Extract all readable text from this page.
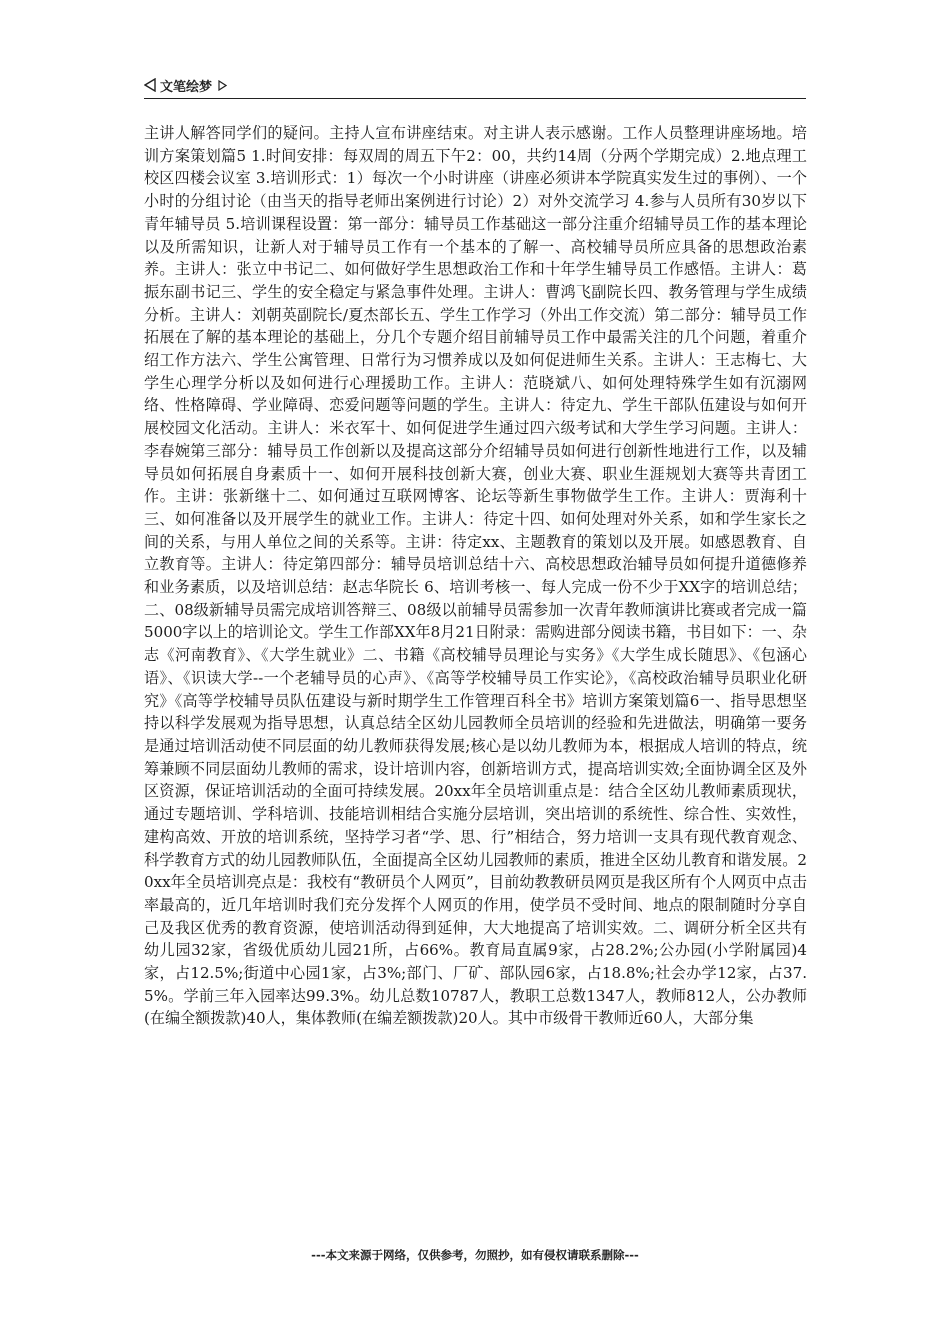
文笔绘梦

主讲人解答同学们的疑问。主持人宣布讲座结束。对主讲人表示感谢。工作人员整理讲座场地。培训方案策划篇5 1.时间安排：每双周的周五下午2：00，共约14周（分两个学期完成）2.地点理工校区四楼会议室 3.培训形式：1）每次一个小时讲座（讲座必须讲本学院真实发生过的事例）、一个小时的分组讨论（由当天的指导老师出案例进行讨论）2）对外交流学习 4.参与人员所有30岁以下青年辅导员 5.培训课程设置：第一部分：辅导员工作基础这一部分注重介绍辅导员工作的基本理论以及所需知识，让新人对于辅导员工作有一个基本的了解一、高校辅导员所应具备的思想政治素养。主讲人：张立中书记二、如何做好学生思想政治工作和十年学生辅导员工作感悟。主讲人：葛振东副书记三、学生的安全稳定与紧急事件处理。主讲人：曹鸿飞副院长四、教务管理与学生成绩分析。主讲人：刘朝英副院长/夏杰部长五、学生工作学习（外出工作交流）第二部分：辅导员工作拓展在了解的基本理论的基础上，分几个专题介绍目前辅导员工作中最需关注的几个问题，着重介绍工作方法六、学生公寓管理、日常行为习惯养成以及如何促进师生关系。主讲人：王志梅七、大学生心理学分析以及如何进行心理援助工作。主讲人：范晓斌八、如何处理特殊学生如有沉溺网络、性格障碍、学业障碍、恋爱问题等问题的学生。主讲人：待定九、学生干部队伍建设与如何开展校园文化活动。主讲人：米衣军十、如何促进学生通过四六级考试和大学生学习问题。主讲人：李春婉第三部分：辅导员工作创新以及提高这部分介绍辅导员如何进行创新性地进行工作，以及辅导员如何拓展自身素质十一、如何开展科技创新大赛，创业大赛、职业生涯规划大赛等共青团工作。主讲：张新继十二、如何通过互联网博客、论坛等新生事物做学生工作。主讲人：贾海利十三、如何准备以及开展学生的就业工作。主讲人：待定十四、如何处理对外关系，如和学生家长之间的关系，与用人单位之间的关系等。主讲：待定xx、主题教育的策划以及开展。如感恩教育、自立教育等。主讲人：待定第四部分：辅导员培训总结十六、高校思想政治辅导员如何提升道德修养和业务素质，以及培训总结：赵志华院长 6、培训考核一、每人完成一份不少于XX字的培训总结；二、08级新辅导员需完成培训答辩三、08级以前辅导员需参加一次青年教师演讲比赛或者完成一篇5000字以上的培训论文。学生工作部XX年8月21日附录：需购进部分阅读书籍，书目如下：一、杂志《河南教育》、《大学生就业》二、书籍《高校辅导员理论与实务》《大学生成长随思》、《包涵心语》、《识读大学--一个老辅导员的心声》、《高等学校辅导员工作实论》，《高校政治辅导员职业化研究》《高等学校辅导员队伍建设与新时期学生工作管理百科全书》培训方案策划篇6一、指导思想坚持以科学发展观为指导思想，认真总结全区幼儿园教师全员培训的经验和先进做法，明确第一要务是通过培训活动使不同层面的幼儿教师获得发展;核心是以幼儿教师为本，根据成人培训的特点，统筹兼顾不同层面幼儿教师的需求，设计培训内容，创新培训方式，提高培训实效;全面协调全区及外区资源，保证培训活动的全面可持续发展。20xx年全员培训重点是：结合全区幼儿教师素质现状，通过专题培训、学科培训、技能培训相结合实施分层培训，突出培训的系统性、综合性、实效性，建构高效、开放的培训系统，坚持学习者“学、思、行”相结合，努力培训一支具有现代教育观念、科学教育方式的幼儿园教师队伍，全面提高全区幼儿园教师的素质，推进全区幼儿教育和谐发展。20xx年全员培训亮点是：我校有“教研员个人网页”，目前幼教教研员网页是我区所有个人网页中点击率最高的，近几年培训时我们充分发挥个人网页的作用，使学员不受时间、地点的限制随时分享自己及我区优秀的教育资源，使培训活动得到延伸，大大地提高了培训实效。二、调研分析全区共有幼儿园32家，省级优质幼儿园21所，占66%。教育局直属9家，占28.2%;公办园(小学附属园)4家，占12.5%;街道中心园1家，占3%;部门、厂矿、部队园6家，占18.8%;社会办学12家，占37.5%。学前三年入园率达99.3%。幼儿总数10787人，教职工总数1347人，教师812人，公办教师(在编全额拨款)40人，集体教师(在编差额拨款)20人。其中市级骨干教师近60人，大部分集

---本文来源于网络，仅供参考，勿照抄，如有侵权请联系删除---
